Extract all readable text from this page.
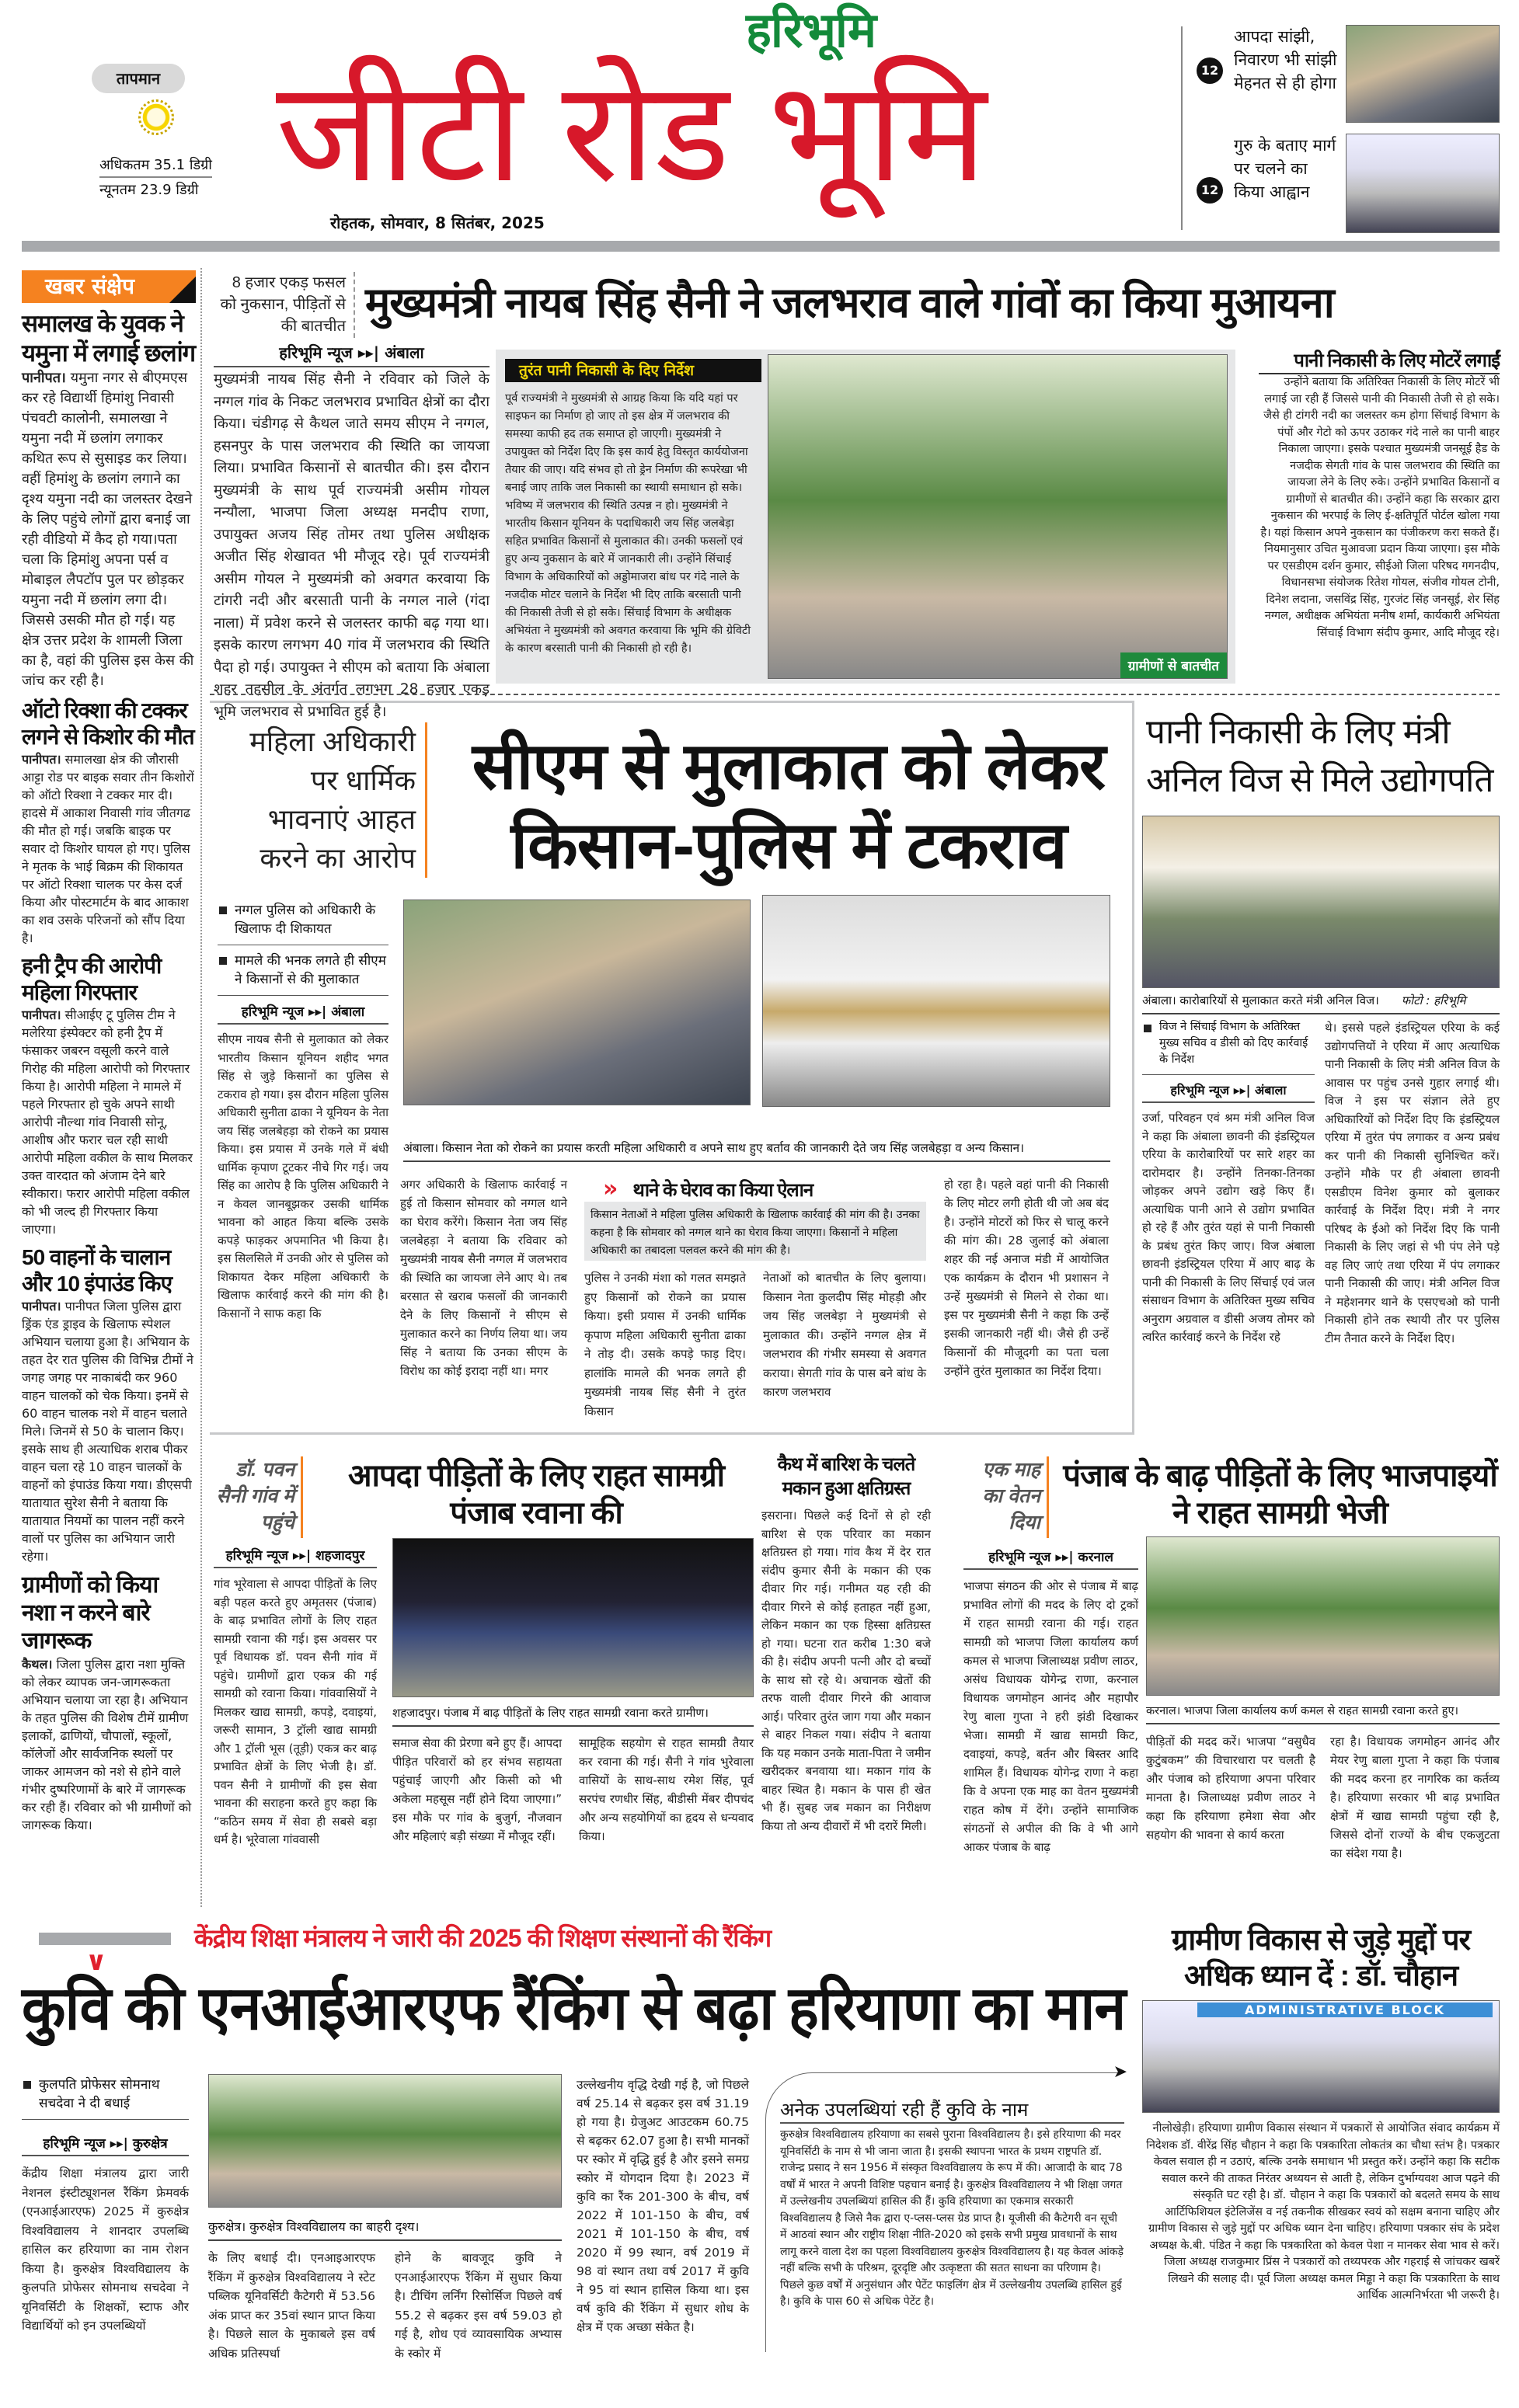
तापमान
अधिकतम 35.1 डिग्री
न्यूनतम 23.9 डिग्री
हरिभूमि
जीटी रोड भूमि
रोहतक, सोमवार, 8 सितंबर, 2025
12
आपदा सांझी, निवारण भी सांझी मेहनत से ही होगा
12
गुरु के बताए मार्ग पर चलने का किया आह्वान
खबर संक्षेप
समालख के युवक ने यमुना में लगाई छलांग
पानीपत। यमुना नगर से बीएमएस कर रहे विद्यार्थी हिमांशु निवासी पंचवटी कालोनी, समालखा ने यमुना नदी में छलांग लगाकर कथित रूप से सुसाइड कर लिया। वहीं हिमांशु के छलांग लगाने का दृश्य यमुना नदी का जलस्तर देखने के लिए पहुंचे लोगों द्वारा बनाई जा रही वीडियो में कैद हो गया।पता चला कि हिमांशु अपना पर्स व मोबाइल लैपटॉप पुल पर छोड़कर यमुना नदी में छलांग लगा दी। जिससे उसकी मौत हो गई। यह क्षेत्र उत्तर प्रदेश के शामली जिला का है, वहां की पुलिस इस केस की जांच कर रही है।
ऑटो रिक्शा की टक्कर लगने से किशोर की मौत
पानीपत। समालखा क्षेत्र की जौरासी आट्टा रोड पर बाइक सवार तीन किशोरों को ऑटो रिक्शा ने टक्कर मार दी। हादसे में आकाश निवासी गांव जीतगढ की मौत हो गई। जबकि बाइक पर सवार दो किशोर घायल हो गए। पुलिस ने मृतक के भाई बिक्रम की शिकायत पर ऑटो रिक्शा चालक पर केस दर्ज किया और पोस्टमार्टम के बाद आकाश का शव उसके परिजनों को सौंप दिया है।
हनी ट्रैप की आरोपी महिला गिरफ्तार
पानीपत। सीआईए टू पुलिस टीम ने मलेरिया इंस्पेक्टर को हनी ट्रैप में फंसाकर जबरन वसूली करने वाले गिरोह की महिला आरोपी को गिरफ्तार किया है। आरोपी महिला ने मामले में पहले गिरफ्तार हो चुके अपने साथी आरोपी नौल्था गांव निवासी सोनू, आशीष और फरार चल रही साथी आरोपी महिला वकील के साथ मिलकर उक्त वारदात को अंजाम देने बारे स्वीकारा। फरार आरोपी महिला वकील को भी जल्द ही गिरफ्तार किया जाएगा।
50 वाहनों के चालान और 10 इंपाउंड किए
पानीपत। पानीपत जिला पुलिस द्वारा ड्रिंक एंड ड्राइव के खिलाफ स्पेशल अभियान चलाया हुआ है। अभियान के तहत देर रात पुलिस की विभिन्न टीमों ने जगह जगह पर नाकाबंदी कर 960 वाहन चालकों को चेक किया। इनमें से 60 वाहन चालक नशे में वाहन चलाते मिले। जिनमें से 50 के चालान किए। इसके साथ ही अत्याधिक शराब पीकर वाहन चला रहे 10 वाहन चालकों के वाहनों को इंपाउंड किया गया। डीएसपी यातायात सुरेश सैनी ने बताया कि यातायात नियमों का पालन नहीं करने वालों पर पुलिस का अभियान जारी रहेगा।
ग्रामीणों को किया नशा न करने बारे जागरूक
कैथल। जिला पुलिस द्वारा नशा मुक्ति को लेकर व्यापक जन-जागरूकता अभियान चलाया जा रहा है। अभियान के तहत पुलिस की विशेष टीमें ग्रामीण इलाकों, ढाणियों, चौपालों, स्कूलों, कॉलेजों और सार्वजनिक स्थलों पर जाकर आमजन को नशे से होने वाले गंभीर दुष्परिणामों के बारे में जागरूक कर रही हैं। रविवार को भी ग्रामीणों को जागरूक किया।
8 हजार एकड़ फसल को नुकसान, पीड़ितों से की बातचीत मुख्यमंत्री नायब सिंह सैनी ने जलभराव वाले गांवों का किया मुआयना
हरिभूमि न्यूज ▸▸| अंबाला
मुख्यमंत्री नायब सिंह सैनी ने रविवार को जिले के नग्गल गांव के निकट जलभराव प्रभावित क्षेत्रों का दौरा किया। चंडीगढ़ से कैथल जाते समय सीएम ने नग्गल, हसनपुर के पास जलभराव की स्थिति का जायजा लिया। प्रभावित किसानों से बातचीत की। इस दौरान मुख्यमंत्री के साथ पूर्व राज्यमंत्री असीम गोयल नन्यौला, भाजपा जिला अध्यक्ष मनदीप राणा, उपायुक्त अजय सिंह तोमर तथा पुलिस अधीक्षक अजीत सिंह शेखावत भी मौजूद रहे। पूर्व राज्यमंत्री असीम गोयल ने मुख्यमंत्री को अवगत करवाया कि टांगरी नदी और बरसाती पानी के नग्गल नाले (गंदा नाला) में प्रवेश करने से जलस्तर काफी बढ़ गया था। इसके कारण लगभग 40 गांव में जलभराव की स्थिति पैदा हो गई। उपायुक्त ने सीएम को बताया कि अंबाला शहर तहसील के अंतर्गत लगभग 28 हजार एकड़ भूमि जलभराव से प्रभावित हुई है।
तुरंत पानी निकासी के दिए निर्देश
पूर्व राज्यमंत्री ने मुख्यमंत्री से आग्रह किया कि यदि यहां पर साइफन का निर्माण हो जाए तो इस क्षेत्र में जलभराव की समस्या काफी हद तक समाप्त हो जाएगी। मुख्यमंत्री ने उपायुक्त को निर्देश दिए कि इस कार्य हेतु विस्तृत कार्ययोजना तैयार की जाए। यदि संभव हो तो ड्रेन निर्माण की रूपरेखा भी बनाई जाए ताकि जल निकासी का स्थायी समाधान हो सके। भविष्य में जलभराव की स्थिति उत्पन्न न हो। मुख्यमंत्री ने भारतीय किसान यूनियन के पदाधिकारी जय सिंह जलबेड़ा सहित प्रभावित किसानों से मुलाकात की। उनकी फसलों एवं हुए अन्य नुकसान के बारे में जानकारी ली। उन्होंने सिंचाई विभाग के अधिकारियों को अड्डोमाजरा बांध पर गंदे नाले के नजदीक मोटर चलाने के निर्देश भी दिए ताकि बरसाती पानी की निकासी तेजी से हो सके। सिंचाई विभाग के अधीक्षक अभियंता ने मुख्यमंत्री को अवगत करवाया कि भूमि की ग्रेविटी के कारण बरसाती पानी की निकासी हो रही है।
ग्रामीणों से बातचीत
पानी निकासी के लिए मोटरें लगाईं
उन्होंने बताया कि अतिरिक्त निकासी के लिए मोटरें भी लगाई जा रही हैं जिससे पानी की निकासी तेजी से हो सके। जैसे ही टांगरी नदी का जलस्तर कम होगा सिंचाई विभाग के पंपों और गेटो को ऊपर उठाकर गंदे नाले का पानी बाहर निकाला जाएगा। इसके पश्चात मुख्यमंत्री जनसूई हैड के नजदीक सेगती गांव के पास जलभराव की स्थिति का जायजा लेने के लिए रुके। उन्होंने प्रभावित किसानों व ग्रामीणों से बातचीत की। उन्होंने कहा कि सरकार द्वारा नुकसान की भरपाई के लिए ई-क्षतिपूर्ति पोर्टल खोला गया है। यहां किसान अपने नुकसान का पंजीकरण करा सकते हैं। नियमानुसार उचित मुआवजा प्रदान किया जाएगा। इस मौके पर एसडीएम दर्शन कुमार, सीईओ जिला परिषद गगनदीप, विधानसभा संयोजक रितेश गोयल, संजीव गोयल टोनी, दिनेश लदाना, जसविंद्र सिंह, गुरजंट सिंह जनसूई, शेर सिंह नग्गल, अधीक्षक अभियंता मनीष शर्मा, कार्यकारी अभियंता सिंचाई विभाग संदीप कुमार, आदि मौजूद रहे।
महिला अधिकारी पर धार्मिक भावनाएं आहत करने का आरोप
सीएम से मुलाकात को लेकर किसान-पुलिस में टकराव
नग्गल पुलिस को अधिकारी के खिलाफ दी शिकायत
मामले की भनक लगते ही सीएम ने किसानों से की मुलाकात
हरिभूमि न्यूज ▸▸| अंबाला
सीएम नायब सैनी से मुलाकात को लेकर भारतीय किसान यूनियन शहीद भगत सिंह से जुड़े किसानों का पुलिस से टकराव हो गया। इस दौरान महिला पुलिस अधिकारी सुनीता ढाका ने यूनियन के नेता जय सिंह जलबेहड़ा को रोकने का प्रयास किया। इस प्रयास में उनके गले में बंधी धार्मिक कृपाण टूटकर नीचे गिर गई। जय सिंह का आरोप है कि पुलिस अधिकारी ने न केवल जानबूझकर उसकी धार्मिक भावना को आहत किया बल्कि उसके कपड़े फाड़कर अपमानित भी किया है। इस सिलसिले में उनकी ओर से पुलिस को शिकायत देकर महिला अधिकारी के खिलाफ कार्रवाई करने की मांग की है। किसानों ने साफ कहा कि
अंबाला। किसान नेता को रोकने का प्रयास करती महिला अधिकारी व अपने साथ हुए बर्ताव की जानकारी देते जय सिंह जलबेहड़ा व अन्य किसान।
अगर अधिकारी के खिलाफ कार्रवाई न हुई तो किसान सोमवार को नग्गल थाने का घेराव करेंगे। किसान नेता जय सिंह जलबेहड़ा ने बताया कि रविवार को मुख्यमंत्री नायब सैनी नग्गल में जलभराव की स्थिति का जायजा लेने आए थे। तब बरसात से खराब फसलों की जानकारी देने के लिए किसानों ने सीएम से मुलाकात करने का निर्णय लिया था। जय सिंह ने बताया कि उनका सीएम के विरोध का कोई इरादा नहीं था। मगर
» थाने के घेराव का किया ऐलान
किसान नेताओं ने महिला पुलिस अधिकारी के खिलाफ कार्रवाई की मांग की है। उनका कहना है कि सोमवार को नग्गल थाने का घेराव किया जाएगा। किसानों ने महिला अधिकारी का तबादला पलवल करने की मांग की है।
पुलिस ने उनकी मंशा को गलत समझते हुए किसानों को रोकने का प्रयास किया। इसी प्रयास में उनकी धार्मिक कृपाण महिला अधिकारी सुनीता ढाका ने तोड़ दी। उसके कपड़े फाड़ दिए। हालांकि मामले की भनक लगते ही मुख्यमंत्री नायब सिंह सैनी ने तुरंत किसान
नेताओं को बातचीत के लिए बुलाया। किसान नेता कुलदीप सिंह मोहड़ी और जय सिंह जलबेड़ा ने मुख्यमंत्री से मुलाकात की। उन्होंने नग्गल क्षेत्र में जलभराव की गंभीर समस्या से अवगत कराया। सेगती गांव के पास बने बांध के कारण जलभराव
हो रहा है। पहले वहां पानी की निकासी के लिए मोटर लगी होती थी जो अब बंद है। उन्होंने मोटरों को फिर से चालू करने की मांग की। 28 जुलाई को अंबाला शहर की नई अनाज मंडी में आयोजित एक कार्यक्रम के दौरान भी प्रशासन ने उन्हें मुख्यमंत्री से मिलने से रोका था। इस पर मुख्यमंत्री सैनी ने कहा कि उन्हें इसकी जानकारी नहीं थी। जैसे ही उन्हें किसानों की मौजूदगी का पता चला उन्होंने तुरंत मुलाकात का निर्देश दिया।
पानी निकासी के लिए मंत्री अनिल विज से मिले उद्योगपति
अंबाला। कारोबारियों से मुलाकात करते मंत्री अनिल विज। फोटो : हरिभूमि
विज ने सिंचाई विभाग के अतिरिक्त मुख्य सचिव व डीसी को दिए कार्रवाई के निर्देश
हरिभूमि न्यूज ▸▸| अंबाला
उर्जा, परिवहन एवं श्रम मंत्री अनिल विज ने कहा कि अंबाला छावनी की इंडस्ट्रियल एरिया के कारोबारियों पर सारे शहर का दारोमदार है। उन्होंने तिनका-तिनका जोड़कर अपने उद्योग खड़े किए हैं। अत्याधिक पानी आने से उद्योग प्रभावित हो रहे हैं और तुरंत यहां से पानी निकासी के प्रबंध तुरंत किए जाए। विज अंबाला छावनी इंडस्ट्रियल एरिया में आए बाढ़ के पानी की निकासी के लिए सिंचाई एवं जल संसाधन विभाग के अतिरिक्त मुख्य सचिव अनुराग अग्रवाल व डीसी अजय तोमर को त्वरित कार्रवाई करने के निर्देश रहे
थे। इससे पहले इंडस्ट्रियल एरिया के कई उद्योगपत्तियों ने एरिया में आए अत्याधिक पानी निकासी के लिए मंत्री अनिल विज के आवास पर पहुंच उनसे गुहार लगाई थी। विज ने इस पर संज्ञान लेते हुए अधिकारियों को निर्देश दिए कि इंडस्ट्रियल एरिया में तुरंत पंप लगाकर व अन्य प्रबंध कर पानी की निकासी सुनिश्चित करें। उन्होंने मौके पर ही अंबाला छावनी एसडीएम विनेश कुमार को बुलाकर कार्रवाई के निर्देश दिए। मंत्री ने नगर परिषद के ईओ को निर्देश दिए कि पानी निकासी के लिए जहां से भी पंप लेने पड़े वह लिए जाएं तथा एरिया में पंप लगाकर पानी निकासी की जाए। मंत्री अनिल विज ने महेशनगर थाने के एसएचओ को पानी निकासी होने तक स्थायी तौर पर पुलिस टीम तैनात करने के निर्देश दिए।
डॉ. पवन सैनी गांव में पहुंचे
आपदा पीड़ितों के लिए राहत सामग्री पंजाब रवाना की
हरिभूमि न्यूज ▸▸| शहजादपुर
गांव भूरेवाला से आपदा पीड़ितों के लिए बड़ी पहल करते हुए अमृतसर (पंजाब) के बाढ़ प्रभावित लोगों के लिए राहत सामग्री रवाना की गई। इस अवसर पर पूर्व विधायक डॉ. पवन सैनी गांव में पहुंचे। ग्रामीणों द्वारा एकत्र की गई सामग्री को रवाना किया। गांववासियों ने मिलकर खाद्य सामग्री, कपड़े, दवाइयां, जरूरी सामान, 3 ट्रॉली खाद्य सामग्री और 1 ट्रॉली भूस (तूड़ी) एकत्र कर बाढ़ प्रभावित क्षेत्रों के लिए भेजी है। डॉ. पवन सैनी ने ग्रामीणों की इस सेवा भावना की सराहना करते हुए कहा कि “कठिन समय में सेवा ही सबसे बड़ा धर्म है। भूरेवाला गांववासी
शहजादपुर। पंजाब में बाढ़ पीड़ितों के लिए राहत सामग्री रवाना करते ग्रामीण।
समाज सेवा की प्रेरणा बने हुए हैं। आपदा पीड़ित परिवारों को हर संभव सहायता पहुंचाई जाएगी और किसी को भी अकेला महसूस नहीं होने दिया जाएगा।” इस मौके पर गांव के बुजुर्ग, नौजवान और महिलाएं बड़ी संख्या में मौजूद रहीं।
सामूहिक सहयोग से राहत सामग्री तैयार कर रवाना की गई। सैनी ने गांव भुरेवाला वासियों के साथ-साथ रमेश सिंह, पूर्व सरपंच रणधीर सिंह, बीडीसी मेंबर दीपचंद और अन्य सहयोगियों का हृदय से धन्यवाद किया।
कैथ में बारिश के चलते मकान हुआ क्षतिग्रस्त
इसराना। पिछले कई दिनों से हो रही बारिश से एक परिवार का मकान क्षतिग्रस्त हो गया। गांव कैथ में देर रात संदीप कुमार सैनी के मकान की एक दीवार गिर गई। गनीमत यह रही की दीवार गिरने से कोई हताहत नहीं हुआ, लेकिन मकान का एक हिस्सा क्षतिग्रस्त हो गया। घटना रात करीब 1:30 बजे की है। संदीप अपनी पत्नी और दो बच्चों के साथ सो रहे थे। अचानक खेतों की तरफ वाली दीवार गिरने की आवाज आई। परिवार तुरंत जाग गया और मकान से बाहर निकल गया। संदीप ने बताया कि यह मकान उनके माता-पिता ने जमीन खरीदकर बनवाया था। मकान गांव के बाहर स्थित है। मकान के पास ही खेत भी हैं। सुबह जब मकान का निरीक्षण किया तो अन्य दीवारों में भी दरारें मिली।
एक माह का वेतन दिया
पंजाब के बाढ़ पीड़ितों के लिए भाजपाइयों ने राहत सामग्री भेजी
हरिभूमि न्यूज ▸▸| करनाल
भाजपा संगठन की ओर से पंजाब में बाढ़ प्रभावित लोगों की मदद के लिए दो ट्रकों में राहत सामग्री रवाना की गई। राहत सामग्री को भाजपा जिला कार्यालय कर्ण कमल से भाजपा जिलाध्यक्ष प्रवीण लाठर, असंध विधायक योगेन्द्र राणा, करनाल विधायक जगमोहन आनंद और महापौर रेणु बाला गुप्ता ने हरी झंडी दिखाकर भेजा। सामग्री में खाद्य सामग्री किट, दवाइयां, कपड़े, बर्तन और बिस्तर आदि शामिल हैं। विधायक योगेन्द्र राणा ने कहा कि वे अपना एक माह का वेतन मुख्यमंत्री राहत कोष में देंगे। उन्होंने सामाजिक संगठनों से अपील की कि वे भी आगे आकर पंजाब के बाढ़
करनाल। भाजपा जिला कार्यालय कर्ण कमल से राहत सामग्री रवाना करते हुए।
पीड़ितों की मदद करें। भाजपा “वसुधैव कुटुंबकम” की विचारधारा पर चलती है और पंजाब को हरियाणा अपना परिवार मानता है। जिलाध्यक्ष प्रवीण लाठर ने कहा कि हरियाणा हमेशा सेवा और सहयोग की भावना से कार्य करता
रहा है। विधायक जगमोहन आनंद और मेयर रेणु बाला गुप्ता ने कहा कि पंजाब की मदद करना हर नागरिक का कर्तव्य है। हरियाणा सरकार भी बाढ़ प्रभावित क्षेत्रों में खाद्य सामग्री पहुंचा रही है, जिससे दोनों राज्यों के बीच एकजुटता का संदेश गया है।
∨
केंद्रीय शिक्षा मंत्रालय ने जारी की 2025 की शिक्षण संस्थानों की रैंकिंग
कुवि की एनआईआरएफ रैंकिंग से बढ़ा हरियाणा का मान
कुलपति प्रोफेसर सोमनाथ सचदेवा ने दी बधाई
हरिभूमि न्यूज ▸▸| कुरुक्षेत्र
केंद्रीय शिक्षा मंत्रालय द्वारा जारी नेशनल इंस्टीट्यूशनल रैंकिंग फ्रेमवर्क (एनआईआरएफ) 2025 में कुरुक्षेत्र विश्वविद्यालय ने शानदार उपलब्धि हासिल कर हरियाणा का नाम रोशन किया है। कुरुक्षेत्र विश्वविद्यालय के कुलपति प्रोफेसर सोमनाथ सचदेवा ने यूनिवर्सिटी के शिक्षकों, स्टाफ और विद्यार्थियों को इन उपलब्धियों
कुरुक्षेत्र। कुरुक्षेत्र विश्वविद्यालय का बाहरी दृश्य।
के लिए बधाई दी। एनआइआरएफ रैंकिंग में कुरुक्षेत्र विश्वविद्यालय ने स्टेट पब्लिक यूनिवर्सिटी कैटेगरी में 53.56 अंक प्राप्त कर 35वां स्थान प्राप्त किया है। पिछले साल के मुकाबले इस वर्ष अधिक प्रतिस्पर्धा
होने के बावजूद कुवि ने एनआईआरएफ रैंकिंग में सुधार किया है। टीचिंग लर्निंग रिसोर्सिज पिछले वर्ष 55.2 से बढ़कर इस वर्ष 59.03 हो गई है, शोध एवं व्यावसायिक अभ्यास के स्कोर में
उल्लेखनीय वृद्धि देखी गई है, जो पिछले वर्ष 25.14 से बढ़कर इस वर्ष 31.19 हो गया है। ग्रेजुअट आउटकम 60.75 से बढ़कर 62.07 हुआ है। सभी मानकों पर स्कोर में वृद्धि हुई है और इसने समग्र स्कोर में योगदान दिया है। 2023 में कुवि का रैंक 201-300 के बीच, वर्ष 2022 में 101-150 के बीच, वर्ष 2021 में 101-150 के बीच, वर्ष 2020 में 99 स्थान, वर्ष 2019 में 98 वां स्थान तथा वर्ष 2017 में कुवि ने 95 वां स्थान हासिल किया था। इस वर्ष कुवि की रैंकिंग में सुधार शोध के क्षेत्र में एक अच्छा संकेत है।
➤
अनेक उपलब्धियां रही हैं कुवि के नाम
कुरुक्षेत्र विश्वविद्यालय हरियाणा का सबसे पुराना विश्वविद्यालय है। इसे हरियाणा की मदर यूनिवर्सिटी के नाम से भी जाना जाता है। इसकी स्थापना भारत के प्रथम राष्ट्रपति डॉ. राजेन्द्र प्रसाद ने सन 1956 में संस्कृत विश्वविद्यालय के रूप में की। आजादी के बाद 78 वर्षों में भारत ने अपनी विशिष्ट पहचान बनाई है। कुरुक्षेत्र विश्वविद्यालय ने भी शिक्षा जगत में उल्लेखनीय उपलब्धियां हासिल की हैं। कुवि हरियाणा का एकमात्र सरकारी विश्वविद्यालय है जिसे नैक द्वारा ए-प्लस-प्लस ग्रेड प्राप्त है। यूजीसी की कैटेगरी वन सूची में आठवां स्थान और राष्ट्रीय शिक्षा नीति-2020 को इसके सभी प्रमुख प्रावधानों के साथ लागू करने वाला देश का पहला विश्वविद्यालय कुरुक्षेत्र विश्वविद्यालय है। यह केवल आंकड़े नहीं बल्कि सभी के परिश्रम, दूरदृष्टि और उत्कृष्टता की सतत साधना का परिणाम है। पिछले कुछ वर्षों में अनुसंधान और पेटेंट फाइलिंग क्षेत्र में उल्लेखनीय उपलब्धि हासिल हुई है। कुवि के पास 60 से अधिक पेटेंट है।
ग्रामीण विकास से जुड़े मुद्दों पर अधिक ध्यान दें : डॉ. चौहान
ADMINISTRATIVE BLOCK
नीलोखेड़ी। हरियाणा ग्रामीण विकास संस्थान में पत्रकारों से आयोजित संवाद कार्यक्रम में निदेशक डॉ. वीरेंद्र सिंह चौहान ने कहा कि पत्रकारिता लोकतंत्र का चौथा स्तंभ है। पत्रकार केवल सवाल ही न उठाएं, बल्कि उनके समाधान भी प्रस्तुत करें। उन्होंने कहा कि सटीक सवाल करने की ताकत निरंतर अध्ययन से आती है, लेकिन दुर्भाग्यवश आज पढ़ने की संस्कृति घट रही है। डॉ. चौहान ने कहा कि पत्रकारों को बदलते समय के साथ आर्टिफिशियल इंटेलिजेंस व नई तकनीक सीखकर स्वयं को सक्षम बनाना चाहिए और ग्रामीण विकास से जुड़े मुद्दों पर अधिक ध्यान देना चाहिए। हरियाणा पत्रकार संघ के प्रदेश अध्यक्ष के.बी. पंडित ने कहा कि पत्रकारिता को केवल पेशा न मानकर सेवा भाव से करें। जिला अध्यक्ष राजकुमार प्रिंस ने पत्रकारों को तथ्यपरक और गहराई से जांचकर खबरें लिखने की सलाह दी। पूर्व जिला अध्यक्ष कमल मिड्ढा ने कहा कि पत्रकारिता के साथ आर्थिक आत्मनिर्भरता भी जरूरी है।
